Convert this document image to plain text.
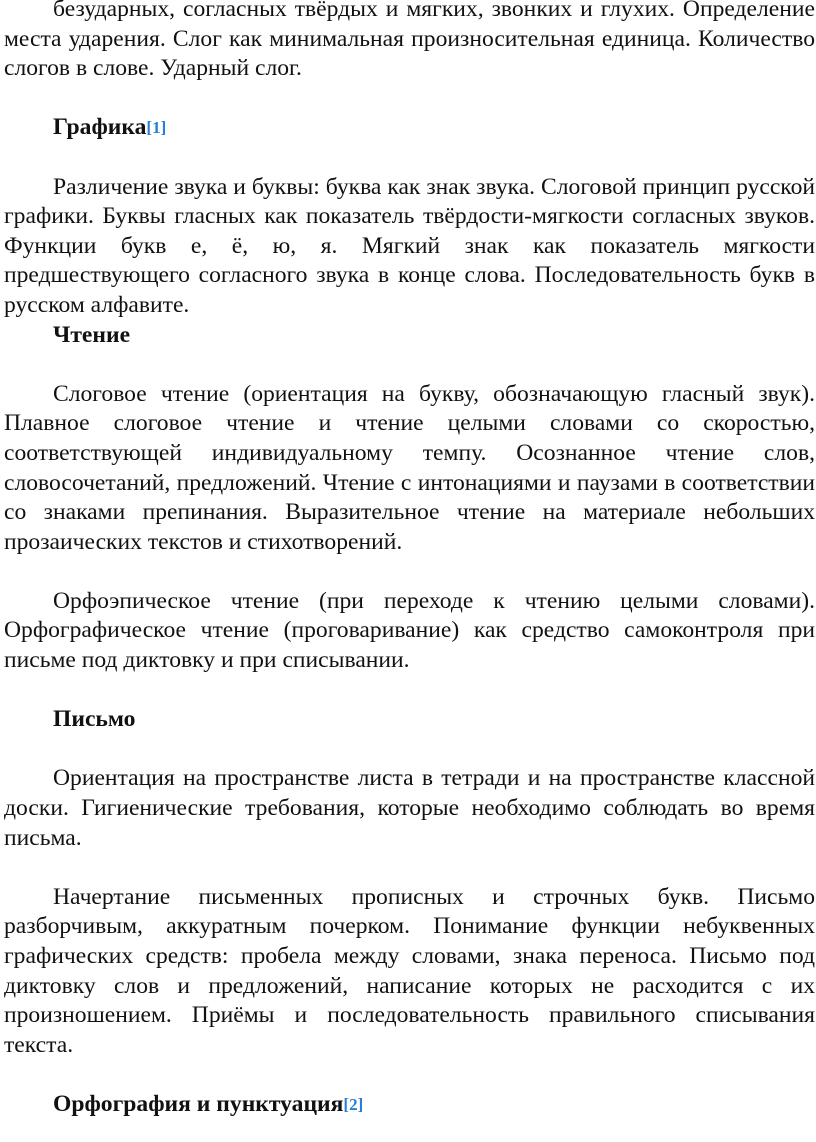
безударных, согласных твёрдых и мягких, звонких и глухих. Определение места ударения. Слог как минимальная произносительная единица. Количество слогов в слове. Ударный слог.

Графика[1]

Различение звука и буквы: буква как знак звука. Слоговой принцип русской графики. Буквы гласных как показатель твёрдости-мягкости согласных звуков. Функции букв е, ё, ю, я. Мягкий знак как показатель мягкости предшествующего согласного звука в конце слова. Последовательность букв в русском алфавите.

Чтение

Слоговое чтение (ориентация на букву, обозначающую гласный звук). Плавное слоговое чтение и чтение целыми словами со скоростью, соответствующей индивидуальному темпу. Осознанное чтение слов, словосочетаний, предложений. Чтение с интонациями и паузами в соответствии со знаками препинания. Выразительное чтение на материале небольших прозаических текстов и стихотворений.

Орфоэпическое чтение (при переходе к чтению целыми словами). Орфографическое чтение (проговаривание) как средство самоконтроля при письме под диктовку и при списывании.

Письмо

Ориентация на пространстве листа в тетради и на пространстве классной доски. Гигиенические требования, которые необходимо соблюдать во время письма.

Начертание письменных прописных и строчных букв. Письмо разборчивым, аккуратным почерком. Понимание функции небуквенных графических средств: пробела между словами, знака переноса. Письмо под диктовку слов и предложений, написание которых не расходится с их произношением. Приёмы и последовательность правильного списывания текста.

Орфография и пунктуация[2]
